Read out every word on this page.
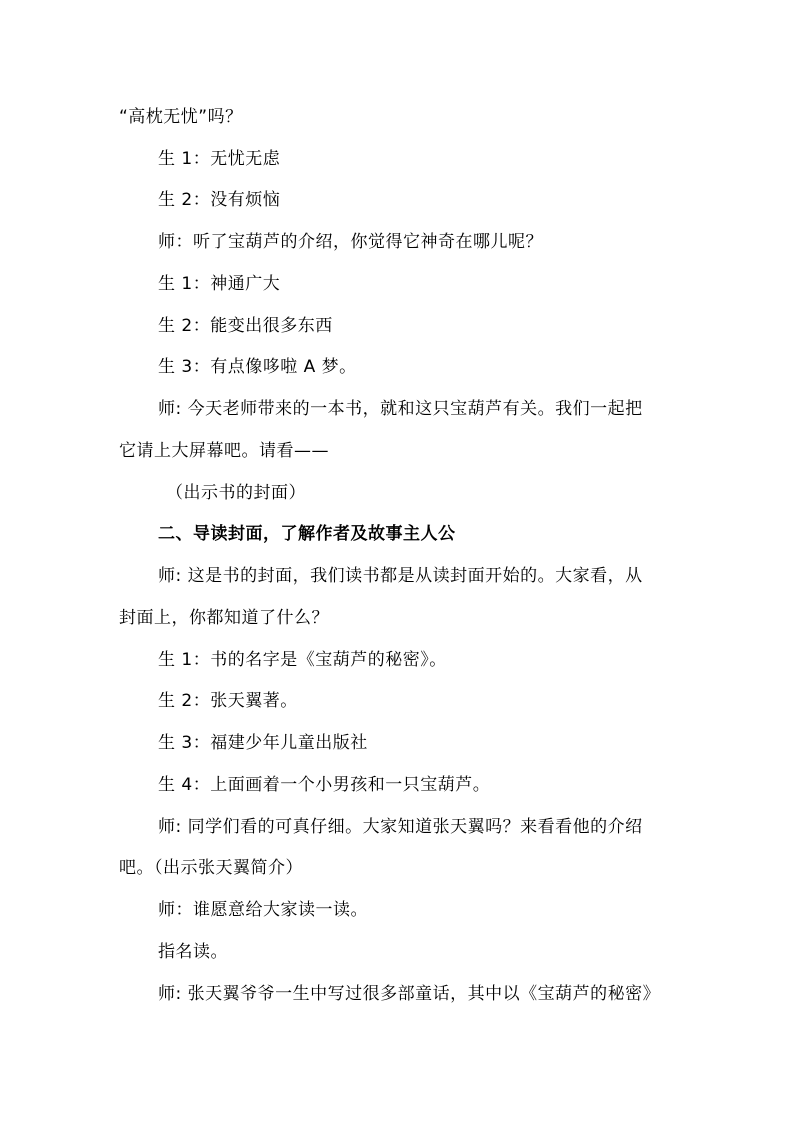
“高枕无忧”吗？
生 1：无忧无虑
生 2：没有烦恼
师：听了宝葫芦的介绍，你觉得它神奇在哪儿呢？
生 1：神通广大
生 2：能变出很多东西
生 3：有点像哆啦 A 梦。
师: 今天老师带来的一本书，就和这只宝葫芦有关。我们一起把
它请上大屏幕吧。请看——
（出示书的封面）
二、导读封面，了解作者及故事主人公
师: 这是书的封面，我们读书都是从读封面开始的。大家看，从
封面上，你都知道了什么？
生 1：书的名字是《宝葫芦的秘密》。
生 2：张天翼著。
生 3：福建少年儿童出版社
生 4：上面画着一个小男孩和一只宝葫芦。
师: 同学们看的可真仔细。大家知道张天翼吗？来看看他的介绍
吧。（出示张天翼简介）
师：谁愿意给大家读一读。
指名读。
师: 张天翼爷爷一生中写过很多部童话，其中以《宝葫芦的秘密》
